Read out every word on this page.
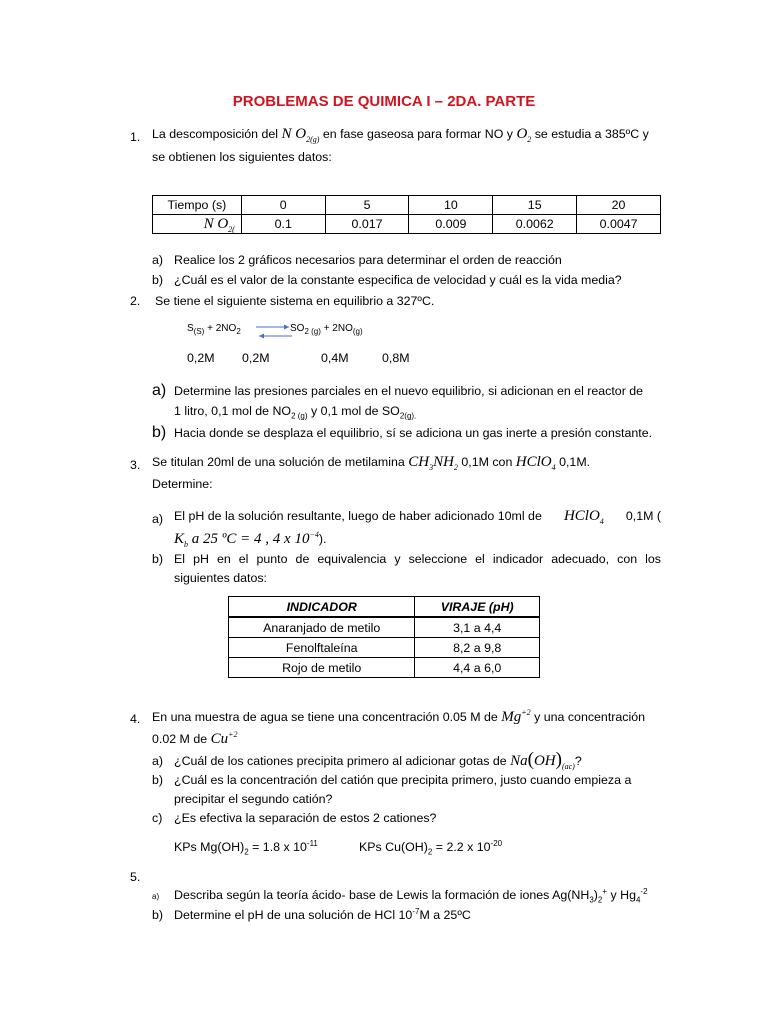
PROBLEMAS DE QUIMICA I – 2DA. PARTE
1. La descomposición del N $O_{2(g)}$ en fase gaseosa para formar NO y $O_2$ se estudia a 385ºC y
se obtienen los siguientes datos:
Tiempo (s)	0	5	10	15	20
N $O_{2(}$	0.1	0.017	0.009	0.0062	0.0047
a) Realice los 2 gráficos necesarios para determinar el orden de reacción
b) ¿Cuál es el valor de la constante especifica de velocidad y cuál es la vida media?
2. Se tiene el siguiente sistema en equilibrio a 327ºC.
$S_{(S)} + 2NO_2$ ⇌
$SO_{2 (g)} + 2NO_{(g)}$
0,2M 0,2M	0,4M	0,8M
a) Determine las presiones parciales en el nuevo equilibrio, si adicionan en el reactor de
1 litro, 0,1 mol de $NO_{2 (g)}$ y 0,1 mol de $SO_{2(g).}$
b) Hacia donde se desplaza el equilibrio, sí se adiciona un gas inerte a presión constante.
3. Se titulan 20ml de una solución de metilamina $CH_3NH_2$ 0,1M con HClO$_4$ 0,1M.
Determine:
a) El pH de la solución resultante, luego de haber adicionado 10ml de HClO$_4$ 0,1M (
$K_b$ a 25 ºC = 4 , 4 x $10^{-4}$).
b) El pH en el punto de equivalencia y seleccione el indicador adecuado, con los
siguientes datos:
INDICADOR	VIRAJE (pH)
Anaranjado de metilo	3,1 a 4,4
Fenolftaleína	8,2 a 9,8
Rojo de metilo	4,4 a 6,0
4. En una muestra de agua se tiene una concentración 0.05 M de $Mg^{+2}$ y una concentración
0.02 M de $Cu^{+2}$
a) ¿Cuál de los cationes precipita primero al adicionar gotas de $Na(OH)_{(ac)}$?
b) ¿Cuál es la concentración del catión que precipita primero, justo cuando empieza a
precipitar el segundo catión?
c) ¿Es efectiva la separación de estos 2 cationes?
KPs $Mg(OH)_2 = 1.8$ x $10^{-11}$	KPs $Cu(OH)_2 = 2.2$ x $10^{-20}$
5.
a) Describa según la teoría ácido- base de Lewis la formación de iones $Ag(NH_3)_2^+$ y $Hg_4^{-2}$
b) Determine el pH de una solución de HCl $10^{-7}M$ a 25ºC
